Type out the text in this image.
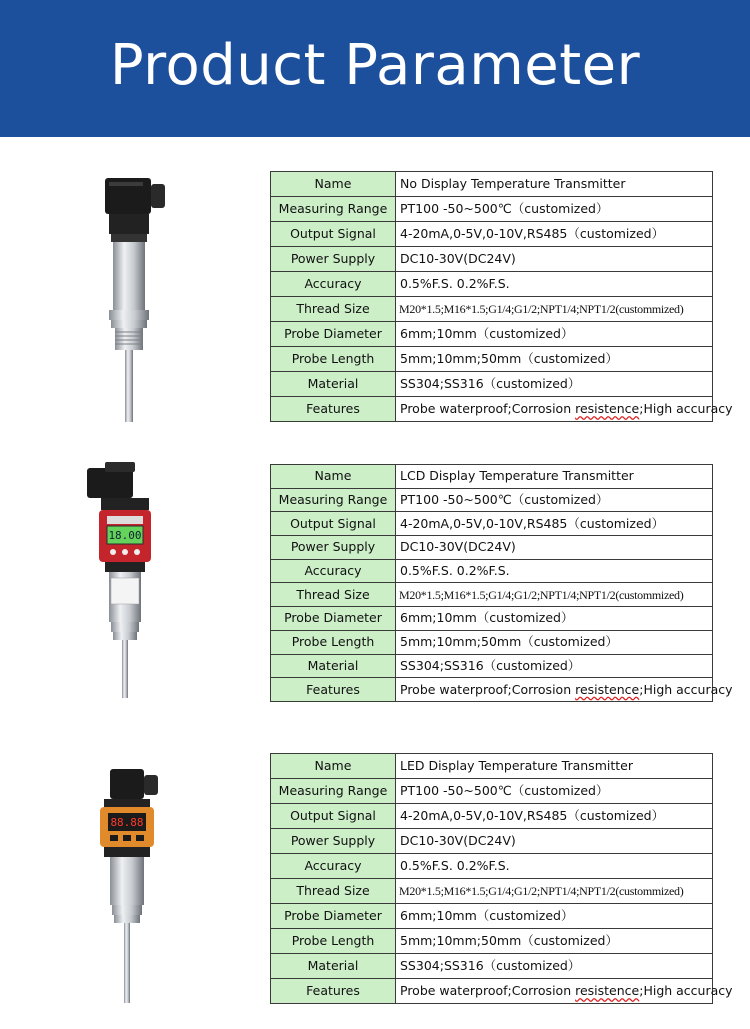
Product Parameter
Name	No Display Temperature Transmitter
Measuring Range	PT100 -50~500℃（customized）
Output Signal	4-20mA,0-5V,0-10V,RS485（customized）
Power Supply	DC10-30V(DC24V)
Accuracy	0.5%F.S. 0.2%F.S.
Thread Size	M20*1.5;M16*1.5;G1/4;G1/2;NPT1/4;NPT1/2(custommized)
Probe Diameter	6mm;10mm（customized）
Probe Length	5mm;10mm;50mm（customized）
Material	SS304;SS316（customized）
Features	Probe waterproof;Corrosion resistence;High accuracy
18.00
Name	LCD Display Temperature Transmitter
Measuring Range	PT100 -50~500℃（customized）
Output Signal	4-20mA,0-5V,0-10V,RS485（customized）
Power Supply	DC10-30V(DC24V)
Accuracy	0.5%F.S. 0.2%F.S.
Thread Size	M20*1.5;M16*1.5;G1/4;G1/2;NPT1/4;NPT1/2(custommized)
Probe Diameter	6mm;10mm（customized）
Probe Length	5mm;10mm;50mm（customized）
Material	SS304;SS316（customized）
Features	Probe waterproof;Corrosion resistence;High accuracy
88.88
Name	LED Display Temperature Transmitter
Measuring Range	PT100 -50~500℃（customized）
Output Signal	4-20mA,0-5V,0-10V,RS485（customized）
Power Supply	DC10-30V(DC24V)
Accuracy	0.5%F.S. 0.2%F.S.
Thread Size	M20*1.5;M16*1.5;G1/4;G1/2;NPT1/4;NPT1/2(custommized)
Probe Diameter	6mm;10mm（customized）
Probe Length	5mm;10mm;50mm（customized）
Material	SS304;SS316（customized）
Features	Probe waterproof;Corrosion resistence;High accuracy
